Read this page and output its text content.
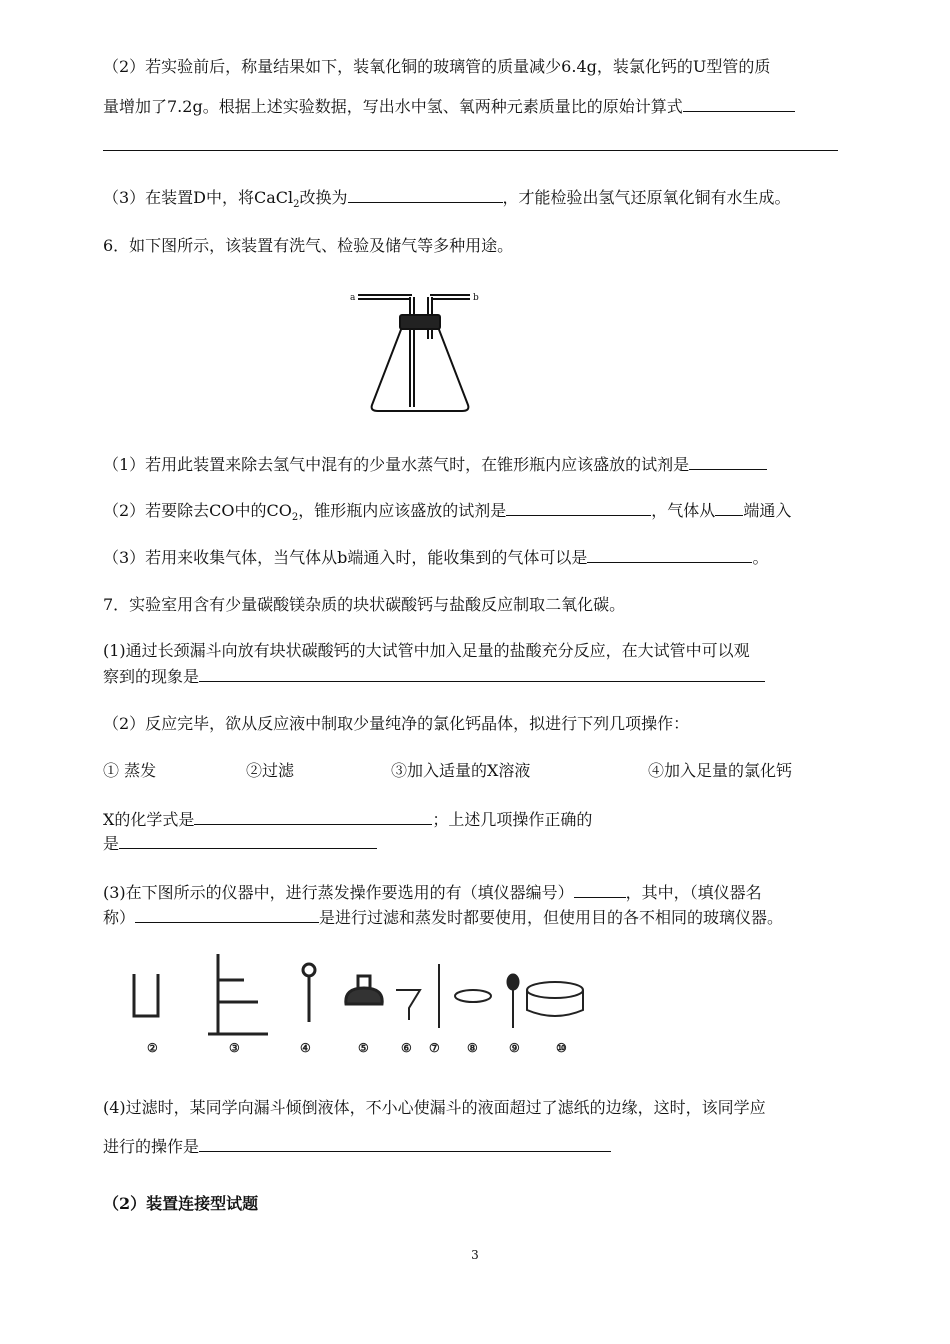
（2）若实验前后，称量结果如下，装氧化铜的玻璃管的质量减少6.4g，装氯化钙的U型管的质
量增加了7.2g。根据上述实验数据，写出水中氢、氧两种元素质量比的原始计算式
（3）在装置D中，将CaCl$_2$改换为	，才能检验出氢气还原氧化铜有水生成。
6．如下图所示，该装置有洗气、检验及储气等多种用途。
a	b
（1）若用此装置来除去氢气中混有的少量水蒸气时，在锥形瓶内应该盛放的试剂是
（2）若要除去CO中的$CO_2$，锥形瓶内应该盛放的试剂是	，气体从 端通入
（3）若用来收集气体，当气体从b端通入时，能收集到的气体可以是	。
7．实验室用含有少量碳酸镁杂质的块状碳酸钙与盐酸反应制取二氧化碳。
(1)通过长颈漏斗向放有块状碳酸钙的大试管中加入足量的盐酸充分反应，在大试管中可以观
察到的现象是
（2）反应完毕，欲从反应液中制取少量纯净的氯化钙晶体，拟进行下列几项操作：
① 蒸发	②过滤	③加入适量的X溶液	④加入足量的氯化钙
X的化学式是	；上述几项操作正确的
是
(3)在下图所示的仪器中，进行蒸发操作要选用的有（填仪器编号）	，其中，（填仪器名
称）	是进行过滤和蒸发时都要使用，但使用目的各不相同的玻璃仪器。
②	③	④	⑤	⑥ ⑦ ⑧	⑨	⑩
(4)过滤时，某同学向漏斗倾倒液体，不小心使漏斗的液面超过了滤纸的边缘，这时，该同学应
进行的操作是
（2）装置连接型试题
3
